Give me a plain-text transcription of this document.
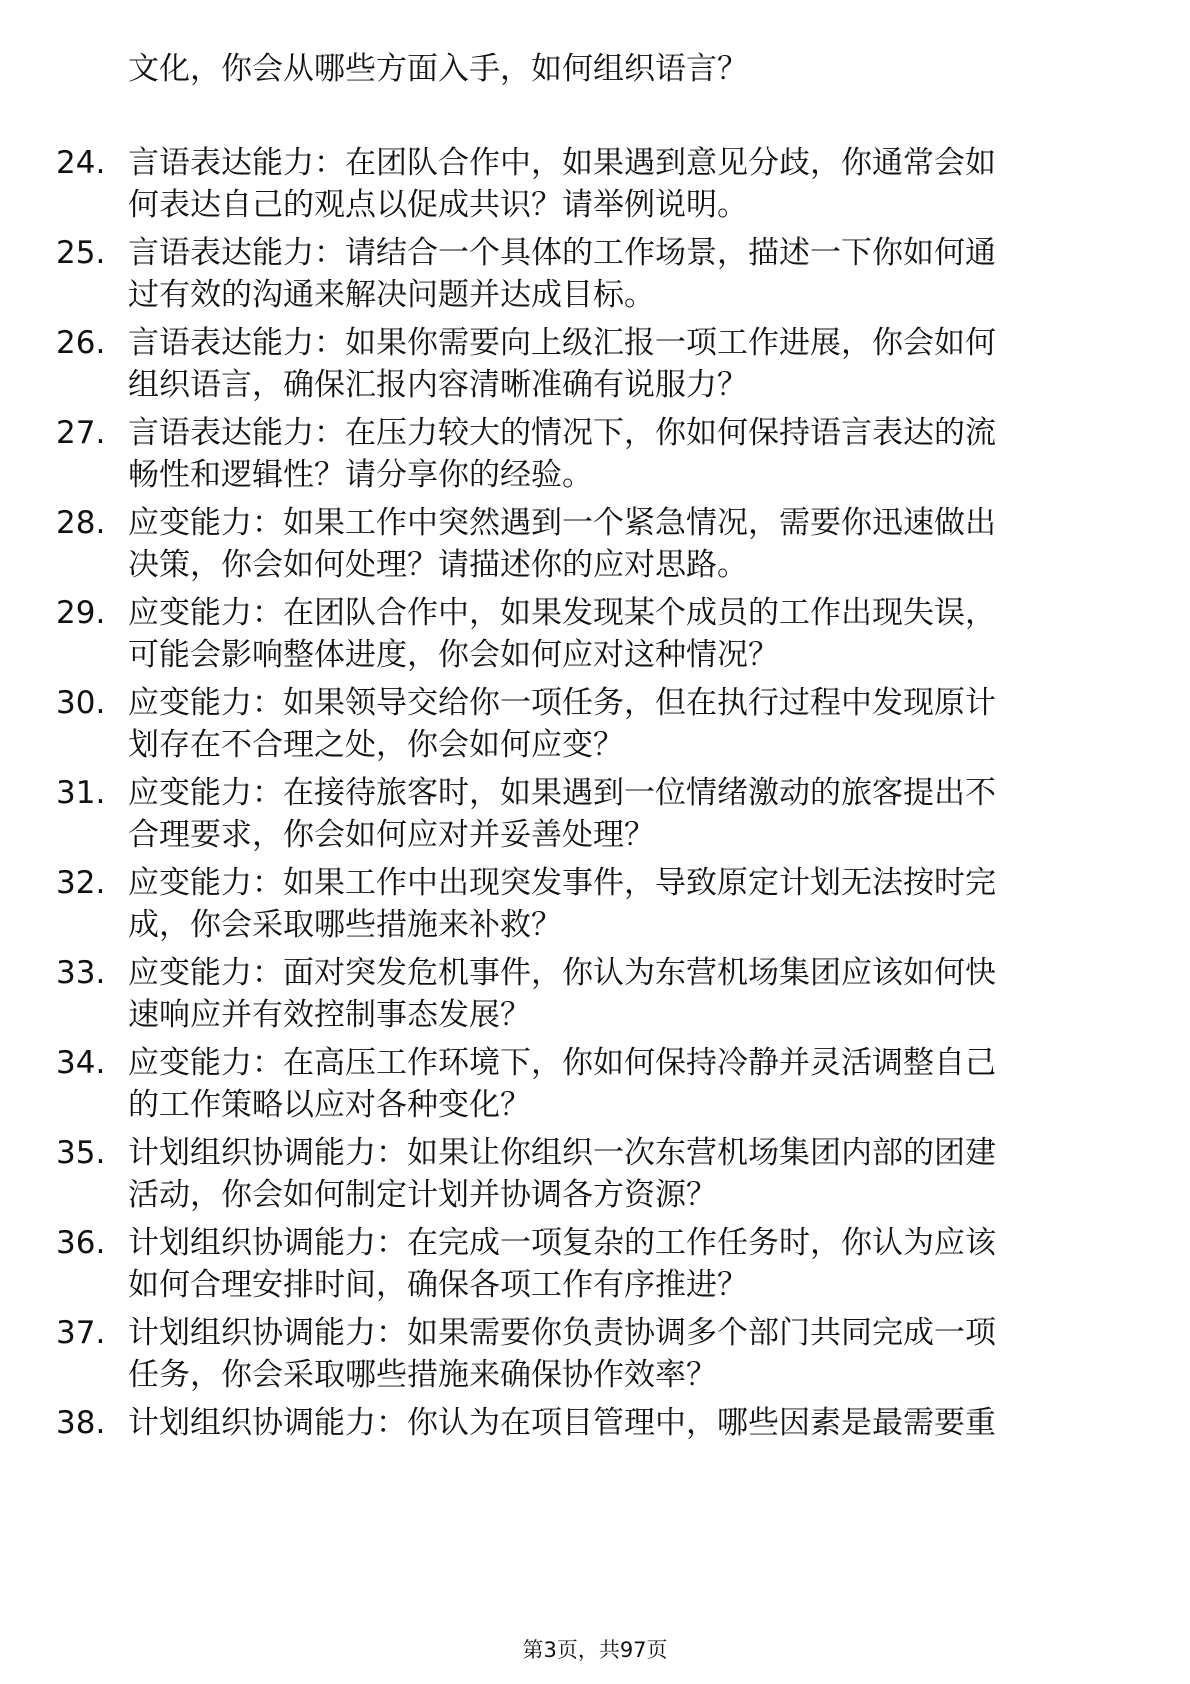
文化，你会从哪些方面入手，如何组织语言？
24. 言语表达能力：在团队合作中，如果遇到意见分歧，你通常会如
何表达自己的观点以促成共识？请举例说明。
25. 言语表达能力：请结合一个具体的工作场景，描述一下你如何通
过有效的沟通来解决问题并达成目标。
26. 言语表达能力：如果你需要向上级汇报一项工作进展，你会如何
组织语言，确保汇报内容清晰准确有说服力？
27. 言语表达能力：在压力较大的情况下，你如何保持语言表达的流
畅性和逻辑性？请分享你的经验。
28. 应变能力：如果工作中突然遇到一个紧急情况，需要你迅速做出
决策，你会如何处理？请描述你的应对思路。
29. 应变能力：在团队合作中，如果发现某个成员的工作出现失误，
可能会影响整体进度，你会如何应对这种情况？
30. 应变能力：如果领导交给你一项任务，但在执行过程中发现原计
划存在不合理之处，你会如何应变？
31. 应变能力：在接待旅客时，如果遇到一位情绪激动的旅客提出不
合理要求，你会如何应对并妥善处理？
32. 应变能力：如果工作中出现突发事件，导致原定计划无法按时完
成，你会采取哪些措施来补救？
33. 应变能力：面对突发危机事件，你认为东营机场集团应该如何快
速响应并有效控制事态发展？
34. 应变能力：在高压工作环境下，你如何保持冷静并灵活调整自己
的工作策略以应对各种变化？
35. 计划组织协调能力：如果让你组织一次东营机场集团内部的团建
活动，你会如何制定计划并协调各方资源？
36. 计划组织协调能力：在完成一项复杂的工作任务时，你认为应该
如何合理安排时间，确保各项工作有序推进？
37. 计划组织协调能力：如果需要你负责协调多个部门共同完成一项
任务，你会采取哪些措施来确保协作效率？
38. 计划组织协调能力：你认为在项目管理中，哪些因素是最需要重
第3页，共97页
